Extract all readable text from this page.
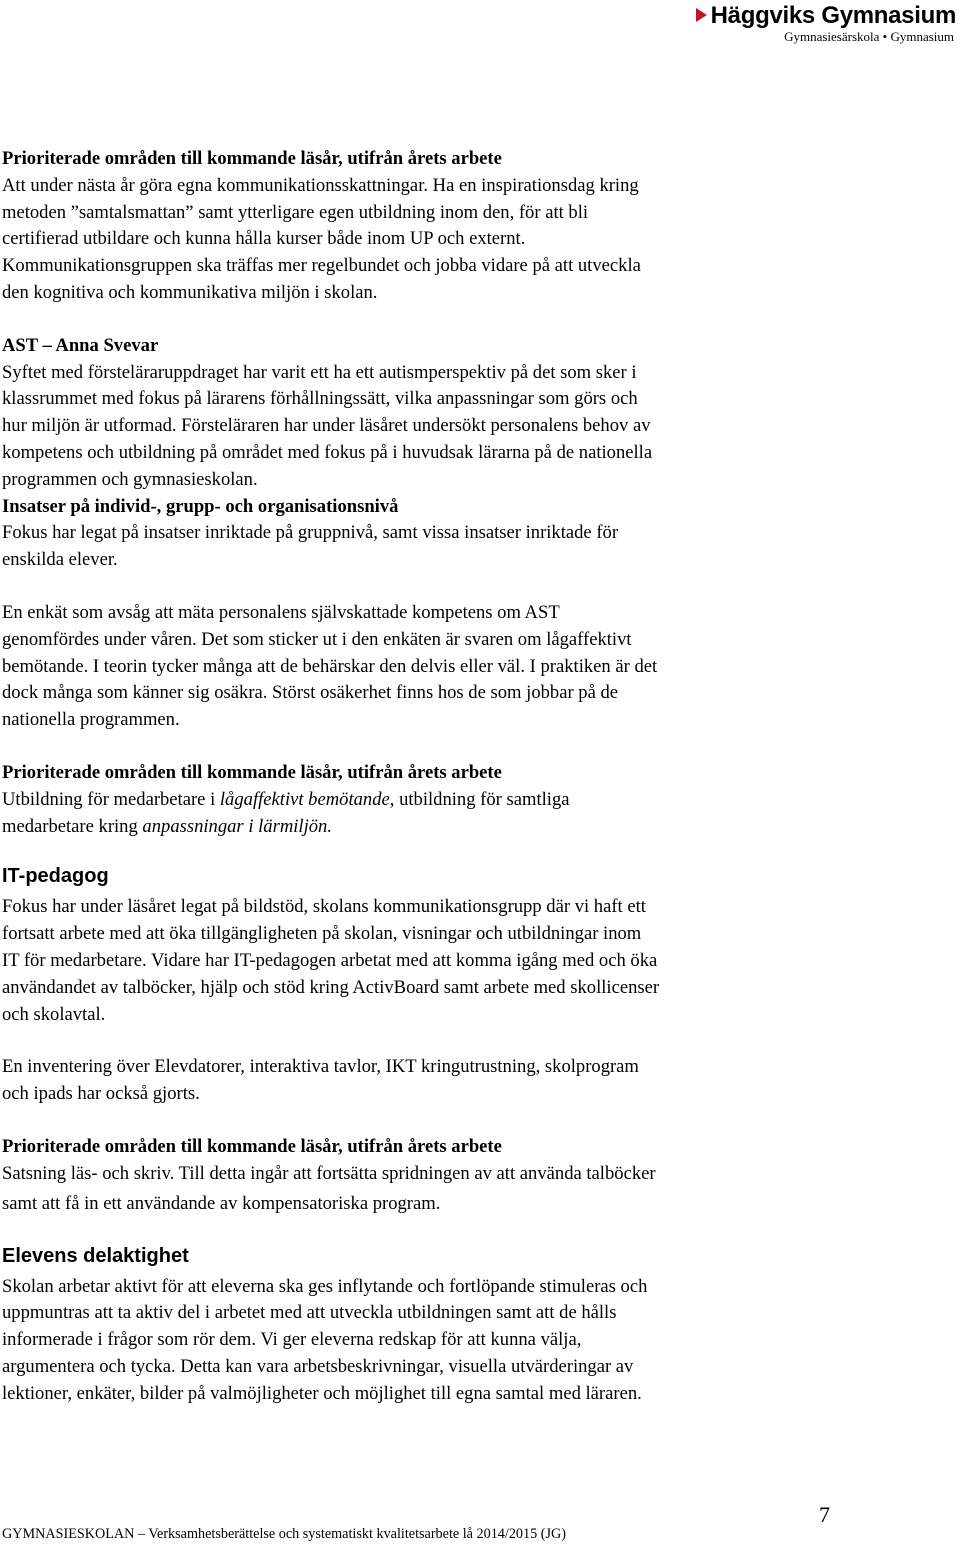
Häggviks Gymnasium
Gymnasiesärskola • Gymnasium

Prioriterade områden till kommande läsår, utifrån årets arbete

Att under nästa år göra egna kommunikationsskattningar. Ha en inspirationsdag kring

metoden ”samtalsmattan” samt ytterligare egen utbildning inom den, för att bli

certifierad utbildare och kunna hålla kurser både inom UP och externt.

Kommunikationsgruppen ska träffas mer regelbundet och jobba vidare på att utveckla

den kognitiva och kommunikativa miljön i skolan.

AST – Anna Svevar

Syftet med förstelärаruppdraget har varit ett ha ett autismperspektiv på det som sker i

klassrummet med fokus på lärarens förhållningssätt, vilka anpassningar som görs och

hur miljön är utformad. Försteläraren har under läsåret undersökt personalens behov av

kompetens och utbildning på området med fokus på i huvudsak lärarna på de nationella

programmen och gymnasieskolan.

Insatser på individ-, grupp- och organisationsnivå

Fokus har legat på insatser inriktade på gruppnivå, samt vissa insatser inriktade för

enskilda elever.

En enkät som avsåg att mäta personalens självskattade kompetens om AST

genomfördes under våren. Det som sticker ut i den enkäten är svaren om lågaffektivt

bemötande. I teorin tycker många att de behärskar den delvis eller väl. I praktiken är det

dock många som känner sig osäkra. Störst osäkerhet finns hos de som jobbar på de

nationella programmen.

Prioriterade områden till kommande läsår, utifrån årets arbete

Utbildning för medarbetare i lågaffektivt bemötande, utbildning för samtliga

medarbetare kring anpassningar i lärmiljön.

IT-pedagog

Fokus har under läsåret legat på bildstöd, skolans kommunikationsgrupp där vi haft ett

fortsatt arbete med att öka tillgängligheten på skolan, visningar och utbildningar inom

IT för medarbetare. Vidare har IT-pedagogen arbetat med att komma igång med och öka

användandet av talböcker, hjälp och stöd kring ActivBoard samt arbete med skollicenser

och skolavtal.

En inventering över Elevdatorer, interaktiva tavlor, IKT kringutrustning, skolprogram

och ipads har också gjorts.

Prioriterade områden till kommande läsår, utifrån årets arbete

Satsning läs- och skriv. Till detta ingår att fortsätta spridningen av att använda talböcker

samt att få in ett användande av kompensatoriska program.

Elevens delaktighet

Skolan arbetar aktivt för att eleverna ska ges inflytande och fortlöpande stimuleras och

uppmuntras att ta aktiv del i arbetet med att utveckla utbildningen samt att de hålls

informerade i frågor som rör dem. Vi ger eleverna redskap för att kunna välja,

argumentera och tycka. Detta kan vara arbetsbeskrivningar, visuella utvärderingar av

lektioner, enkäter, bilder på valmöjligheter och möjlighet till egna samtal med läraren.

7
GYMNASIESKOLAN – Verksamhetsberättelse och systematiskt kvalitetsarbete lå 2014/2015 (JG)
